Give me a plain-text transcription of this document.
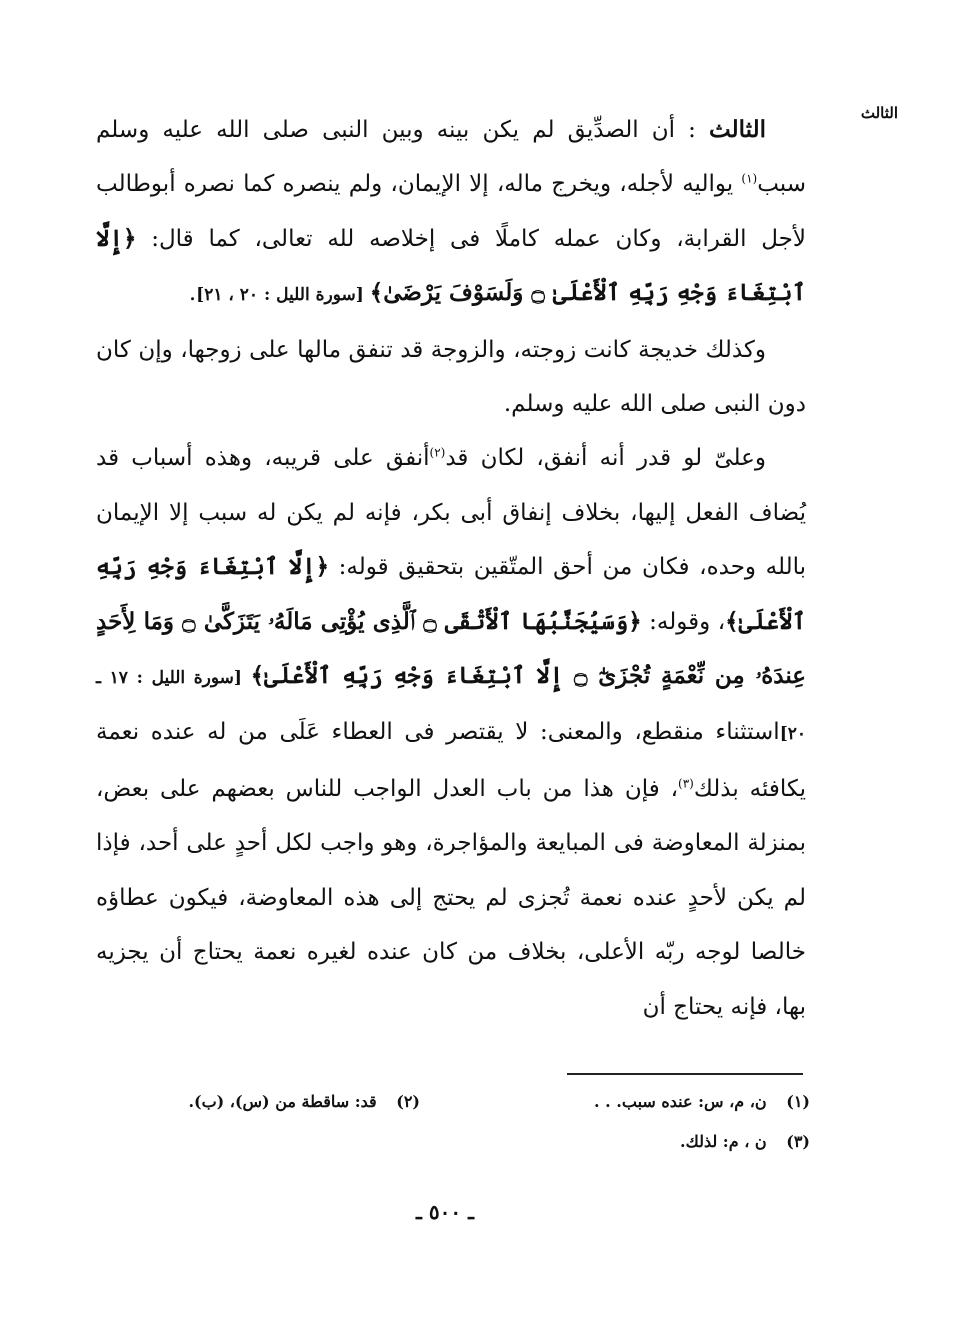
الثالث

الثالث : أن الصدِّيق لم يكن بينه وبين النبى صلى الله عليه وسلم سبب$^{(١)}$ يواليه لأجله، ويخرج ماله، إلا الإيمان، ولم ينصره كما نصره أبوطالب لأجل القرابة، وكان عمله كاملًا فى إخلاصه لله تعالى، كما قال: ﴿إِلَّا ٱبْتِغَاءَ وَجْهِ رَبِّهِ ٱلْأَعْلَىٰ ۝ وَلَسَوْفَ يَرْضَىٰ﴾ [سورة الليل : ٢٠ ، ٢١].

وكذلك خديجة كانت زوجته، والزوجة قد تنفق مالها على زوجها، وإن كان دون النبى صلى الله عليه وسلم.

وعلىّ لو قدر أنه أنفق، لكان قد$^{(٢)}$أنفق على قريبه، وهذه أسباب قد يُضاف الفعل إليها، بخلاف إنفاق أبى بكر، فإنه لم يكن له سبب إلا الإيمان بالله وحده، فكان من أحق المتّقين بتحقيق قوله: ﴿إِلَّا ٱبْتِغَاءَ وَجْهِ رَبِّهِ ٱلْأَعْلَىٰ﴾، وقوله: ﴿وَسَيُجَنَّبُهَا ٱلْأَتْقَى ۝ ٱلَّذِى يُؤْتِى مَالَهُۥ يَتَزَكَّىٰ ۝ وَمَا لِأَحَدٍ عِندَهُۥ مِن نِّعْمَةٍ تُجْزَىٰٓ ۝ إِلَّا ٱبْتِغَاءَ وَجْهِ رَبِّهِ ٱلْأَعْلَىٰ﴾ [سورة الليل : ١٧ ـ ٢٠]استثناء منقطع، والمعنى: لا يقتصر فى العطاء عَلَى من له عنده نعمة يكافئه بذلك$^{(٣)}$، فإن هذا من باب العدل الواجب للناس بعضهم على بعض، بمنزلة المعاوضة فى المبايعة والمؤاجرة، وهو واجب لكل أحدٍ على أحد، فإذا لم يكن لأحدٍ عنده نعمة تُجزى لم يحتج إلى هذه المعاوضة، فيكون عطاؤه خالصا لوجه ربّه الأعلى، بخلاف من كان عنده لغيره نعمة يحتاج أن يجزيه بها، فإنه يحتاج أن

(١) ن، م، س: عنده سبب. . .
(٢) قد: ساقطة من (س)، (ب).
(٣) ن ، م: لذلك.
ـ ٥٠٠ ـ
